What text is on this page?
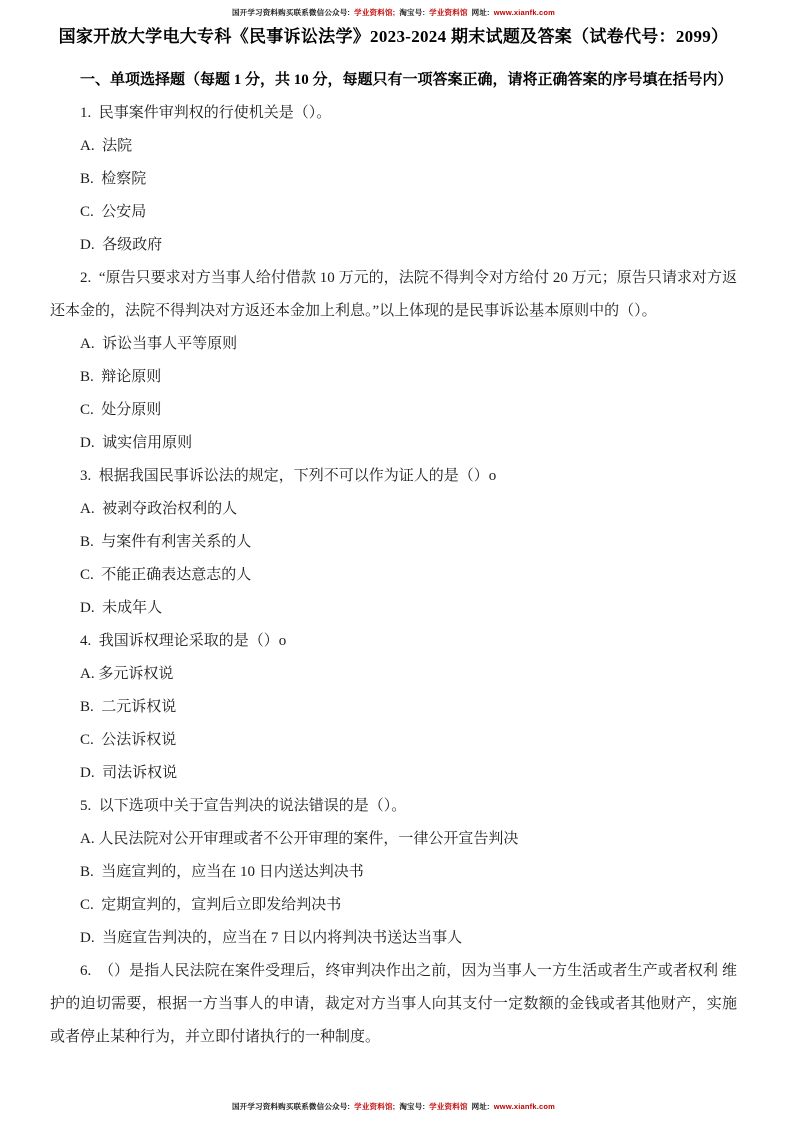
国开学习资料购买联系微信公众号: 学业资料馆; 淘宝号: 学业资料馆 网址: www.xianfk.com
国家开放大学电大专科《民事诉讼法学》2023-2024 期末试题及答案（试卷代号：2099）

一、单项选择题（每题 1 分，共 10 分，每题只有一项答案正确，请将正确答案的序号填在括号内）

1.  民事案件审判权的行使机关是（）。

A.  法院

B.  检察院

C.  公安局

D.  各级政府

2.  “原告只要求对方当事人给付借款 10 万元的，法院不得判令对方给付 20 万元；原告只请求对方返还本金的，法院不得判决对方返还本金加上利息。”以上体现的是民事诉讼基本原则中的（）。

A.  诉讼当事人平等原则

B.  辩论原则

C.  处分原则

D.  诚实信用原则

3.  根据我国民事诉讼法的规定，下列不可以作为证人的是（）o

A.  被剥夺政治权利的人

B.  与案件有利害关系的人

C.  不能正确表达意志的人

D.  未成年人

4.  我国诉权理论采取的是（）o

A. 多元诉权说

B.  二元诉权说

C.  公法诉权说

D.  司法诉权说

5.  以下选项中关于宣告判决的说法错误的是（）。

A. 人民法院对公开审理或者不公开审理的案件，一律公开宣告判决

B.  当庭宣判的，应当在 10 日内送达判决书

C.  定期宣判的，宣判后立即发给判决书

D.  当庭宣告判决的，应当在 7 日以内将判决书送达当事人

6.  （）是指人民法院在案件受理后，终审判决作出之前，因为当事人一方生活或者生产或者权利 维护的迫切需要，根据一方当事人的申请，裁定对方当事人向其支付一定数额的金钱或者其他财产，实施或者停止某种行为，并立即付诸执行的一种制度。

国开学习资料购买联系微信公众号: 学业资料馆; 淘宝号: 学业资料馆 网址: www.xianfk.com
